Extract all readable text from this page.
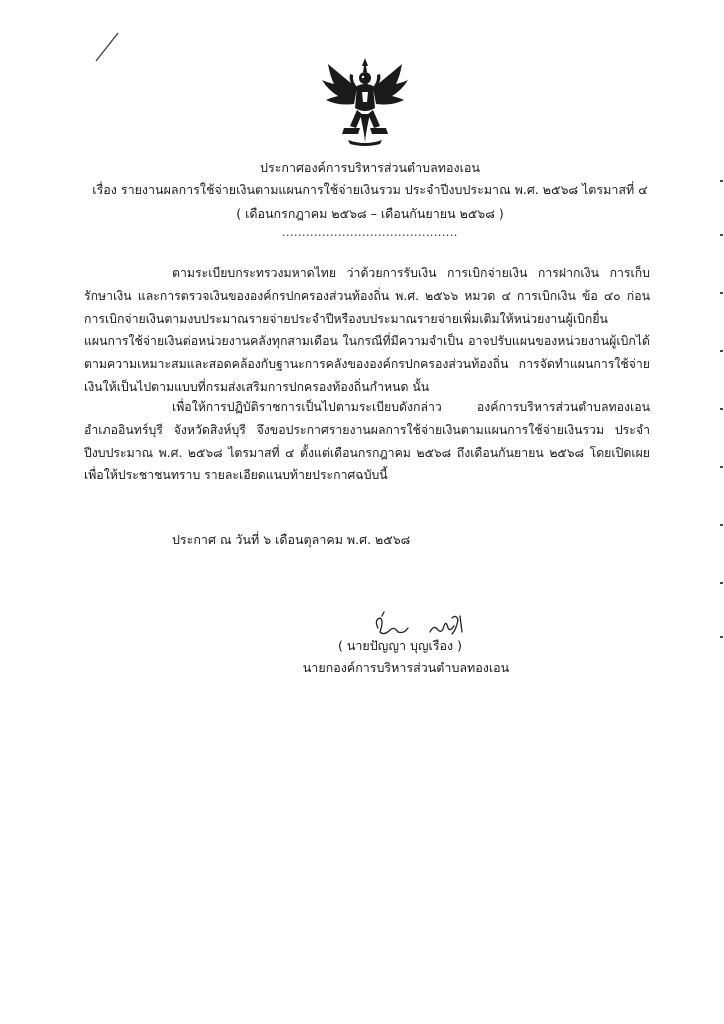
ประกาศองค์การบริหารส่วนตำบลทองเอน
เรื่อง รายงานผลการใช้จ่ายเงินตามแผนการใช้จ่ายเงินรวม ประจำปีงบประมาณ พ.ศ. ๒๕๖๘ ไตรมาสที่ ๔
( เดือนกรกฎาคม ๒๕๖๘ – เดือนกันยายน ๒๕๖๘ )
............................................
ตามระเบียบกระทรวงมหาดไทย ว่าด้วยการรับเงิน การเบิกจ่ายเงิน การฝากเงิน การเก็บรักษาเงิน และการตรวจเงินขององค์กรปกครองส่วนท้องถิ่น พ.ศ. ๒๕๖๖ หมวด ๔ การเบิกเงิน ข้อ ๔๐ ก่อนการเบิกจ่ายเงินตามงบประมาณรายจ่ายประจำปีหรืองบประมาณรายจ่ายเพิ่มเติมให้หน่วยงานผู้เบิกยื่นแผนการใช้จ่ายเงินต่อหน่วยงานคลังทุกสามเดือน ในกรณีที่มีความจำเป็น อาจปรับแผนของหน่วยงานผู้เบิกได้ตามความเหมาะสมและสอดคล้องกับฐานะการคลังขององค์กรปกครองส่วนท้องถิ่น การจัดทำแผนการใช้จ่ายเงินให้เป็นไปตามแบบที่กรมส่งเสริมการปกครองท้องถิ่นกำหนด นั้น
เพื่อให้การปฏิบัติราชการเป็นไปตามระเบียบดังกล่าว องค์การบริหารส่วนตำบลทองเอน อำเภออินทร์บุรี จังหวัดสิงห์บุรี จึงขอประกาศรายงานผลการใช้จ่ายเงินตามแผนการใช้จ่ายเงินรวม ประจำปีงบประมาณ พ.ศ. ๒๕๖๘ ไตรมาสที่ ๔ ตั้งแต่เดือนกรกฎาคม ๒๕๖๘ ถึงเดือนกันยายน ๒๕๖๘ โดยเปิดเผยเพื่อให้ประชาชนทราบ รายละเอียดแนบท้ายประกาศฉบับนี้
ประกาศ ณ วันที่ ๖ เดือนตุลาคม พ.ศ. ๒๕๖๘
( นายปัญญา บุญเรือง )
นายกองค์การบริหารส่วนตำบลทองเอน
